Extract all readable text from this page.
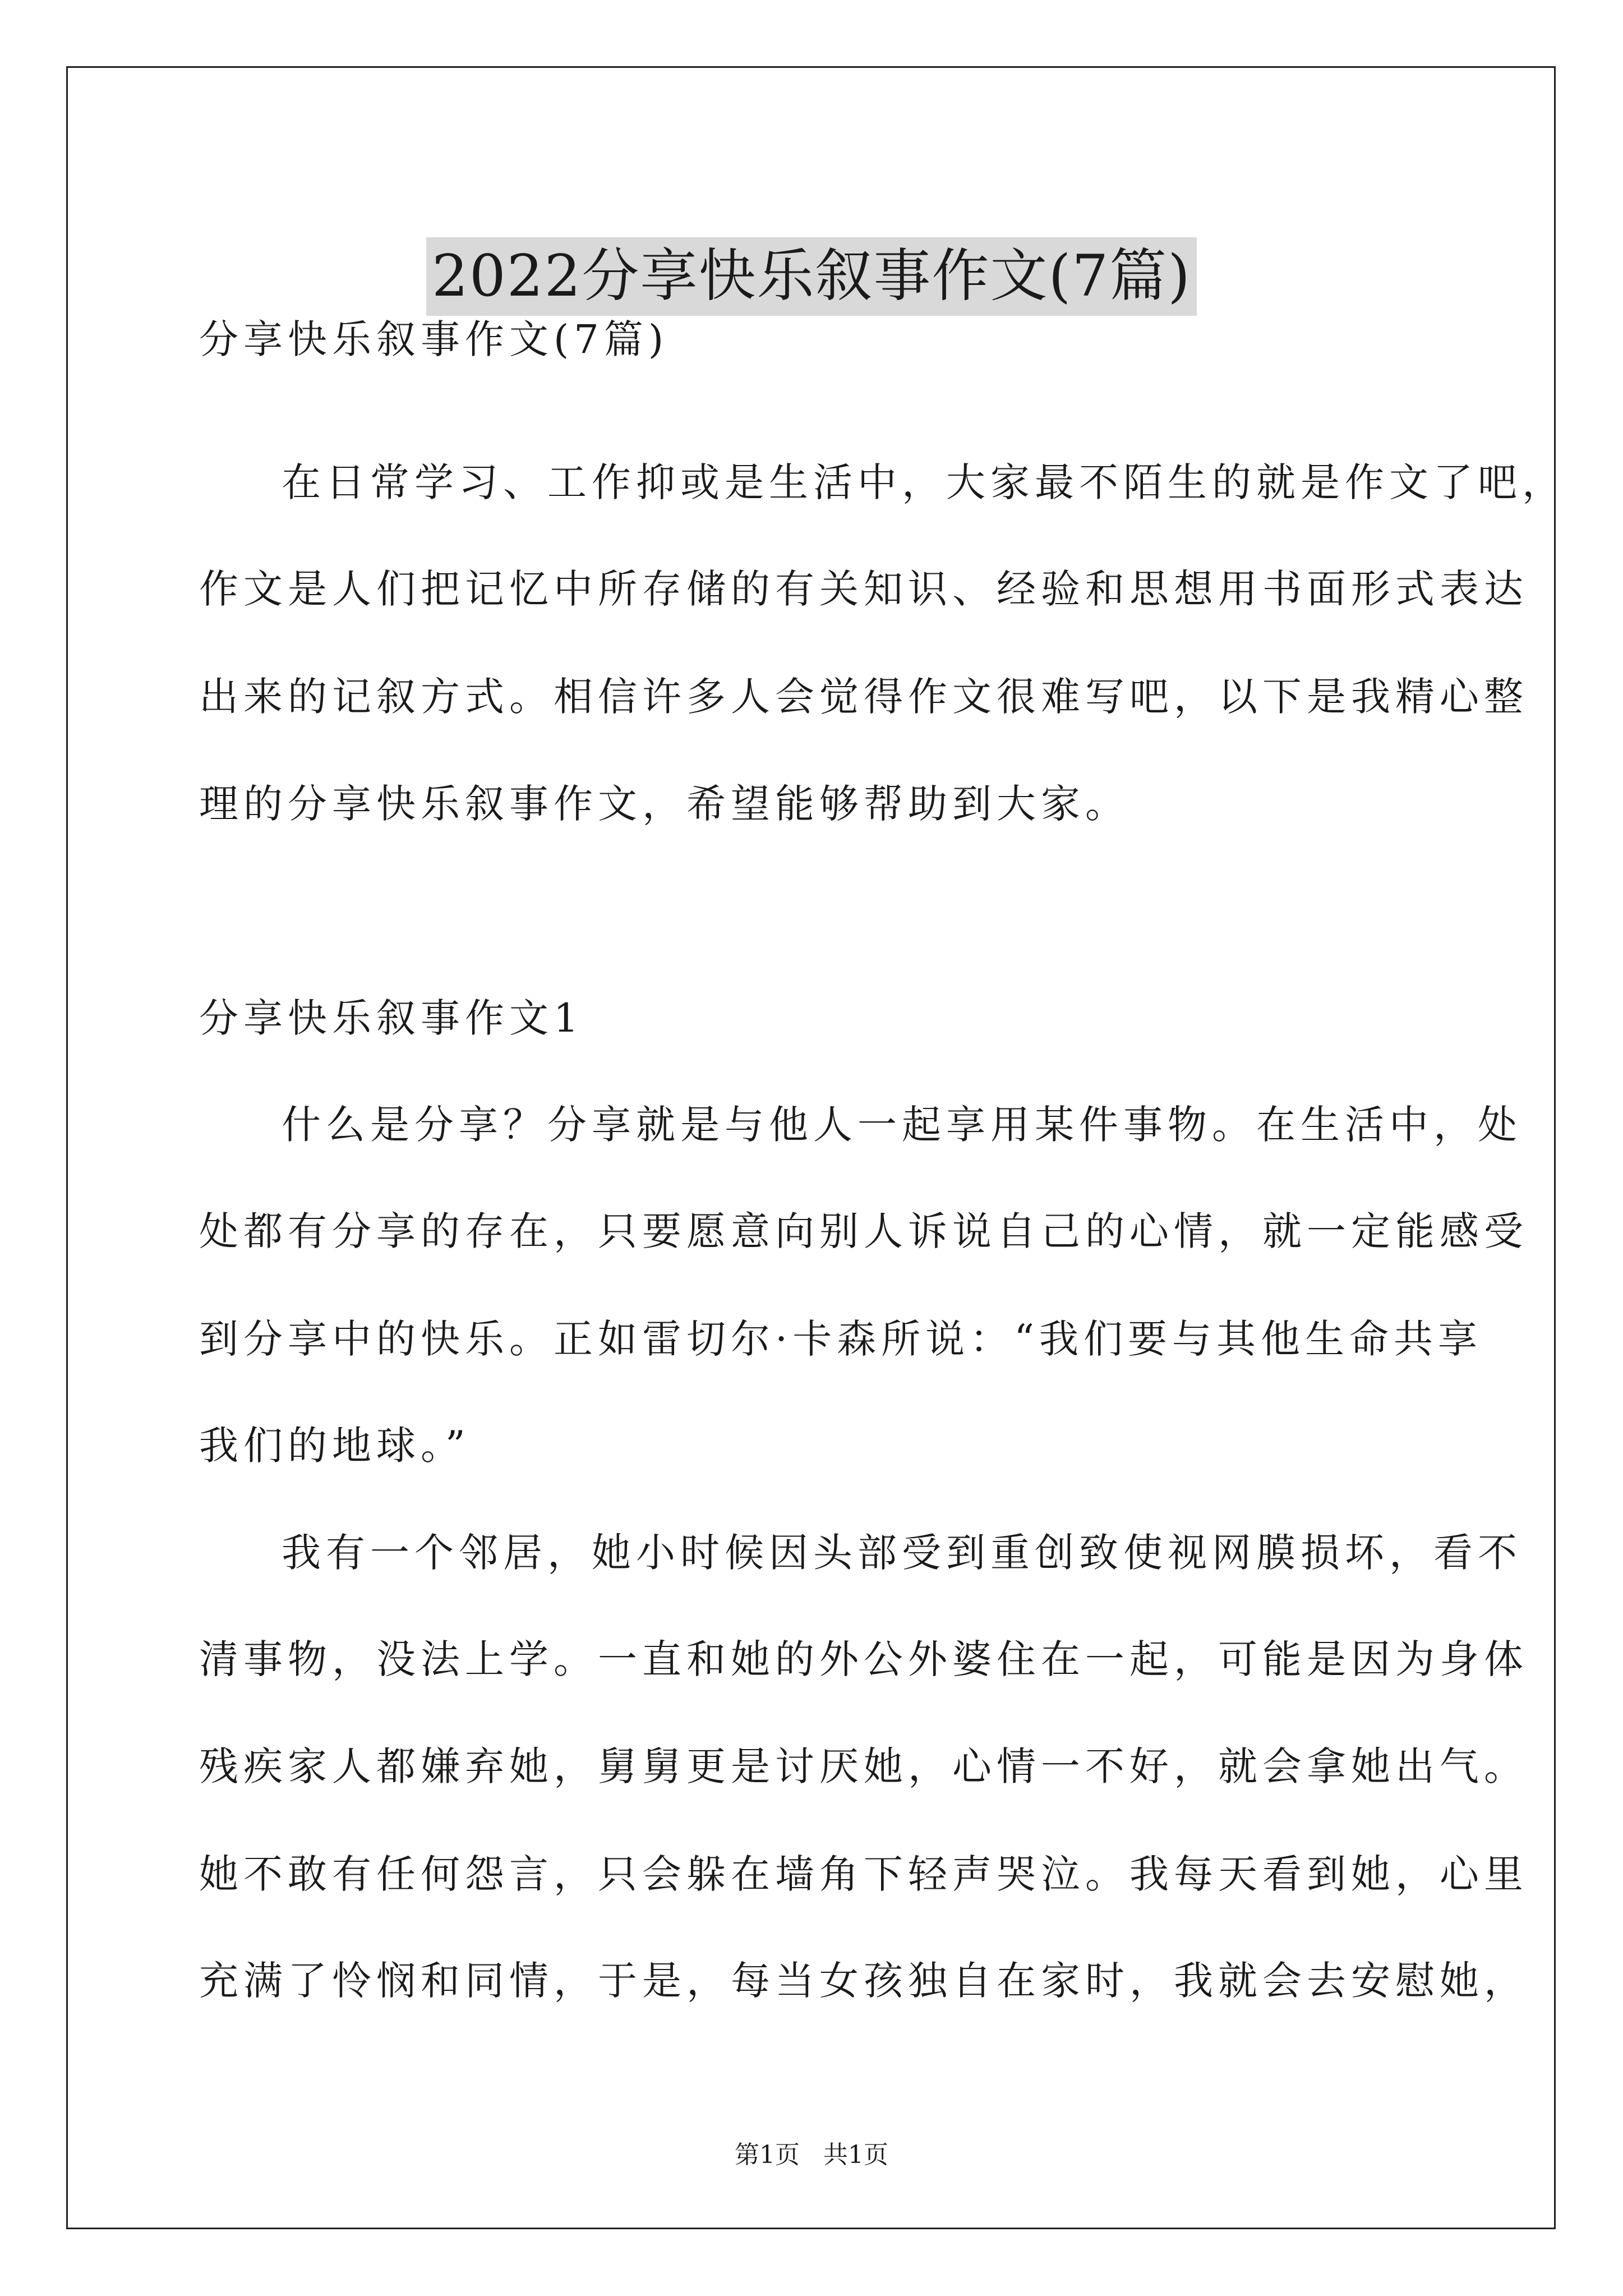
2022分享快乐叙事作文(7篇)
分享快乐叙事作文(7篇)
在日常学习、工作抑或是生活中，大家最不陌生的就是作文了吧，
作文是人们把记忆中所存储的有关知识、经验和思想用书面形式表达
出来的记叙方式。相信许多人会觉得作文很难写吧，以下是我精心整
理的分享快乐叙事作文，希望能够帮助到大家。
分享快乐叙事作文1
什么是分享？分享就是与他人一起享用某件事物。在生活中，处
处都有分享的存在，只要愿意向别人诉说自己的心情，就一定能感受
到分享中的快乐。正如雷切尔·卡森所说：“我们要与其他生命共享
我们的地球。”
我有一个邻居，她小时候因头部受到重创致使视网膜损坏，看不
清事物，没法上学。一直和她的外公外婆住在一起，可能是因为身体
残疾家人都嫌弃她，舅舅更是讨厌她，心情一不好，就会拿她出气。
她不敢有任何怨言，只会躲在墙角下轻声哭泣。我每天看到她，心里
充满了怜悯和同情，于是，每当女孩独自在家时，我就会去安慰她，
第1页   共1页
